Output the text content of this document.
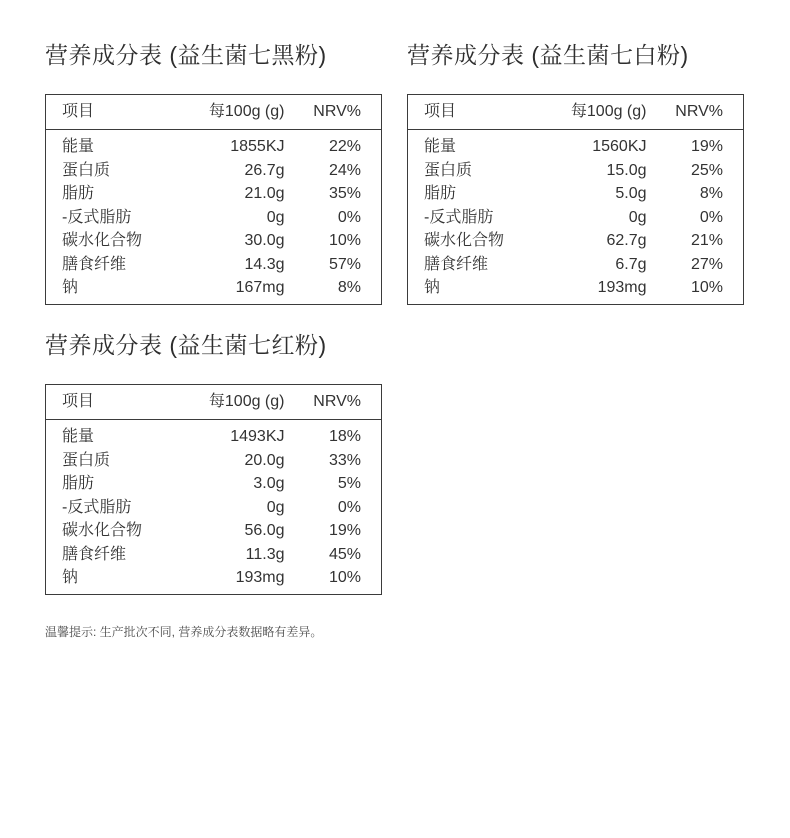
营养成分表 (益生菌七黑粉)
项目	每100g (g)	NRV%
能量	1855KJ	22%
蛋白质	26.7g	24%
脂肪	21.0g	35%
-反式脂肪	0g	0%
碳水化合物	30.0g	10%
膳食纤维	14.3g	57%
钠	167mg	8%
营养成分表 (益生菌七白粉)
项目	每100g (g)	NRV%
能量	1560KJ	19%
蛋白质	15.0g	25%
脂肪	5.0g	8%
-反式脂肪	0g	0%
碳水化合物	62.7g	21%
膳食纤维	6.7g	27%
钠	193mg	10%
营养成分表 (益生菌七红粉)
项目	每100g (g)	NRV%
能量	1493KJ	18%
蛋白质	20.0g	33%
脂肪	3.0g	5%
-反式脂肪	0g	0%
碳水化合物	56.0g	19%
膳食纤维	11.3g	45%
钠	193mg	10%

温馨提示: 生产批次不同, 营养成分表数据略有差异。
